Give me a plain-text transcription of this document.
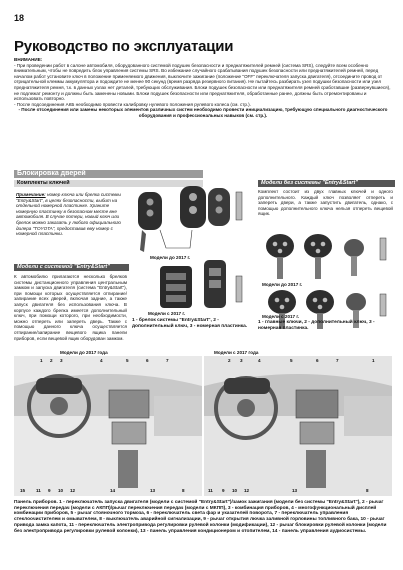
18
Руководство по эксплуатации

ВНИМАНИЕ:

- При проведении работ в салоне автомобиля, оборудованного системой подушек безопасности и преднатяжителей ремней (система SRS), следуйте всем особенно внимательным, чтобы не повредить блок управления системы SRS. Во избежание случайного срабатывания подушек безопасности или преднатяжителей ремней, перед началом работ установите ключ в положение применяемого движения, выключите зажигание (положение "OFF" переключателя запуска двигателя), отсоедините провод от отрицательной клеммы аккумулятора и подождите не менее 90 секунд (время разряда резервного питания). Не пытайтесь разбирать узел подушки безопасности или узел преднатяжителя ремня, т.к. в данных узлах нет деталей, требующих обслуживания. Блоки подушек безопасности или преднатяжителя ремней сработавшие (развернувшиеся), не подлежат ремонту и должны быть заменены новыми. Блоки подушек безопасности или преднатяжителя, обработанные ранее, должны быть отремонтированы и использовать повторно.

- После подсоединения АКБ необходимо провести калибровку нулевого положения рулевого колеса (см. стр.).

- После отсоединения или замены некоторых элементов различных систем необходимо провести инициализацию, требующую специального диагностического оборудования и профессиональных навыков (см. стр.).

Блокировка дверей
Комплекты ключей
Примечание: номер ключа или брелка системы "Entry&Start", в целях безопасности, выбит на отдельной номерной пластинке. Храните номерную пластинку в безопасном месте вне автомобиля. В случае потери, новый ключ или брелок можно заказать у любого официального дилера "TOYOTA", предоставив ему номер с номерной пластинки.
Модели с системой "Entry&Start"
К автомобилю прилагаются несколько брелков системы дистанционного управления центральным замком и запуска двигателя (система "Entry&Start"), при помощи которых осуществляется отпирание/запирание всех дверей, включая задние, а также запуск двигателя без использования ключа. В корпусе каждого брелка имеется дополнительный ключ, при помощи которого, при необходимости, можно отпереть или запереть дверь. Также с помощью данного ключа осуществляется отпирание/запирание вещевого ящика панели приборов, если вещевой ящик оборудован замком.
Модели до 2017 г.
Модели с 2017 г.
1 - брелок системы "Entry&Start", 2 - дополнительный ключ, 3 - номерная пластинка.
Модели без системы "Entry&Start"
Комплект состоит из двух главных ключей и одного дополнительного. Каждый ключ позволяет отпереть и запереть двери, а также запустить двигатель, однако, с помощью дополнительного ключа нельзя отпереть вещевой ящик.
Модели до 2017 г.
Модели с 2017 г.
1 - главные ключи, 2 - дополнительный ключ, 3 - номерная пластинка.
Модели до 2017 года	Модели с 2017 года
1 2 3	4	5	6	7
15 11 9 10 12	14	13	8
2 3	4	5	6	7	1
11 9 10 12	13	8
Панель приборов. 1 - переключатель запуска двигателя (модели с системой "Entry&Start")/замок зажигания (модели без системы "Entry&Start"), 2 - рычаг переключения передач (модели с АКПП)/рычаг переключения передач (модели с МКПП), 3 - комбинация приборов, 4 - многофункциональный дисплей комбинации приборов, 5 - рычаг стояночного тормоза, 6 - переключатель света фар и указателей поворота, 7 - переключатель управления стеклоочистителем и омывателем, 8 - выключатель аварийной сигнализации, 9 - рычаг открытия лючка заливной горловины топливного бака, 10 - рычаг привода замка капота, 11 - переключатель электропривода регулировки рулевой колонки (модификации), 12 - рычаг блокировки рулевой колонки (модели без электропривода регулировки рулевой колонки), 13 - панель управления кондиционером и отопителем, 14 - панель управления аудиосистемы.
